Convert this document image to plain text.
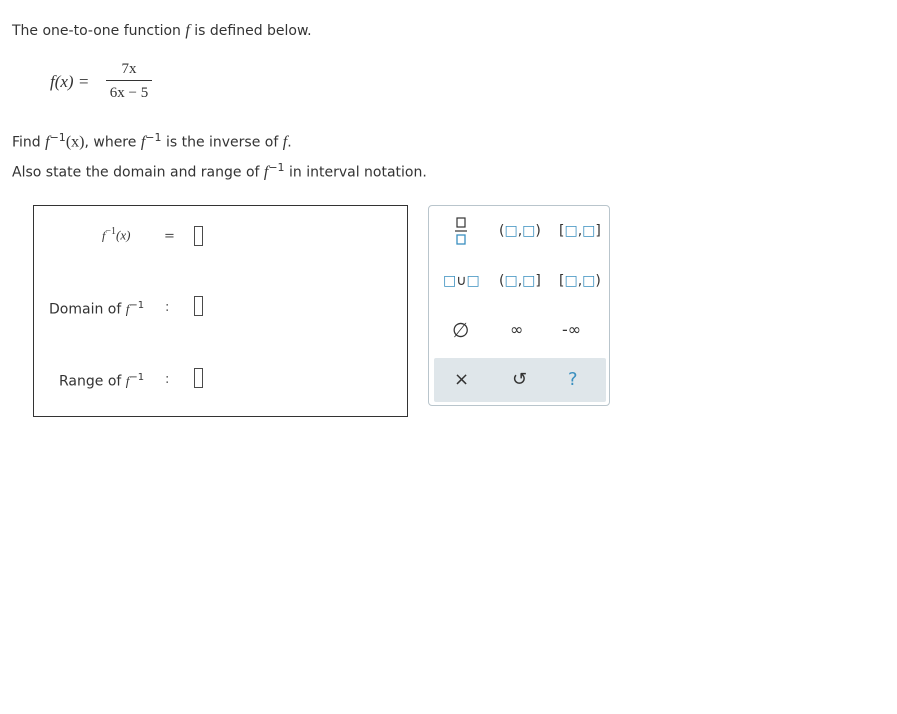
The one-to-one function f is defined below.
f(x) =
7x
6x − 5
Find $f^{-1}(x)$, where $f^{-1}$ is the inverse of f.
Also state the domain and range of $f^{-1}$ in interval notation.
$f^{-1}(x)$	=
Domain of $f^{-1}$ :
Range of $f^{-1}$ :
(□,□) [□,□]
□∪□ (□,□] [□,□)
∅	∞ -∞
× ↺ ?
